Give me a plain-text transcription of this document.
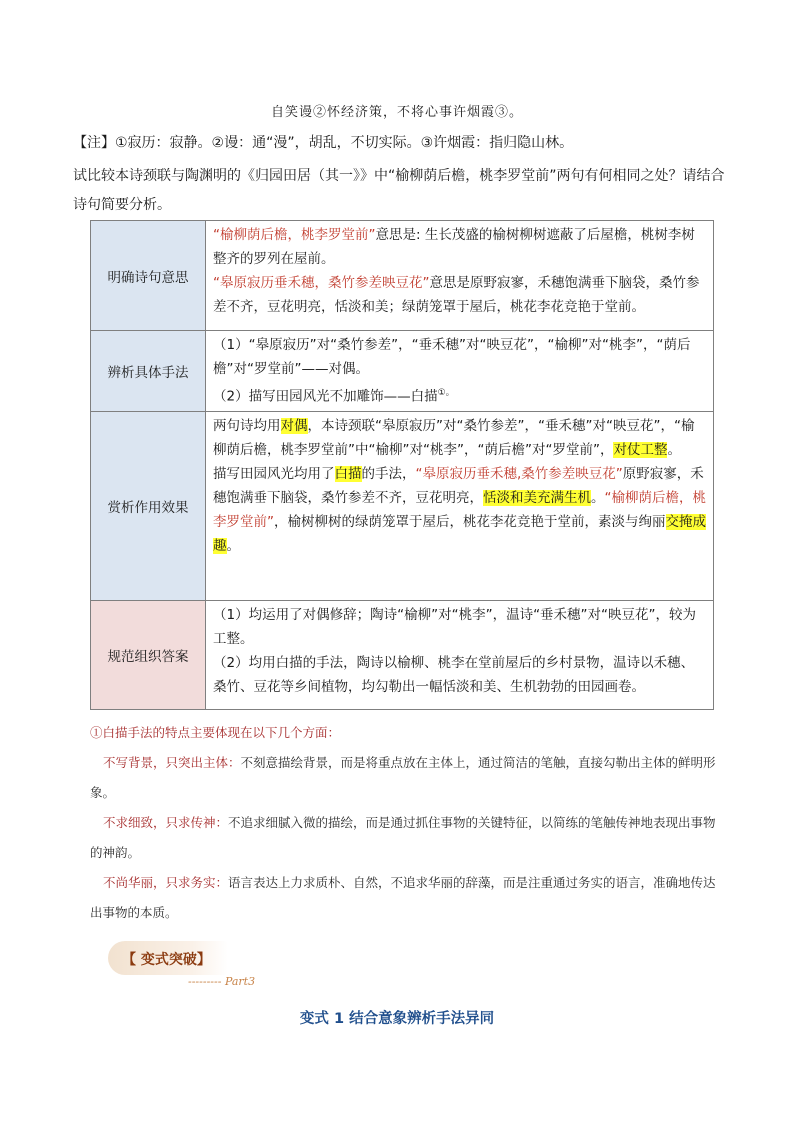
自笑谩②怀经济策，不将心事许烟霞③。
【注】①寂历：寂静。②谩：通“漫”，胡乱，不切实际。③许烟霞：指归隐山林。
试比较本诗颈联与陶渊明的《归园田居（其一》》中“榆柳荫后檐，桃李罗堂前”两句有何相同之处？请结合诗句简要分析。
明确诗句意思	“榆柳荫后檐，桃李罗堂前”意思是: 生长茂盛的榆树柳树遮蔽了后屋檐，桃树李树整齐的罗列在屋前。

“皋原寂历垂禾穗，桑竹参差映豆花”意思是原野寂寥，禾穗饱满垂下脑袋，桑竹参差不齐，豆花明亮，恬淡和美；绿荫笼罩于屋后，桃花李花竞艳于堂前。

辨析具体手法	（1）“皋原寂历”对“桑竹参差”，“垂禾穗”对“映豆花”，“榆柳”对“桃李”，“荫后檐”对“罗堂前”——对偶。

（2）描写田园风光不加雕饰——白描①。

赏析作用效果	两句诗均用对偶，本诗颈联“皋原寂历”对“桑竹参差”，“垂禾穗”对“映豆花”，“榆柳荫后檐，桃李罗堂前”中“榆柳”对“桃李”，“荫后檐”对“罗堂前”，对仗工整。

描写田园风光均用了白描的手法，“皋原寂历垂禾穗,桑竹参差映豆花”原野寂寥，禾穗饱满垂下脑袋，桑竹参差不齐，豆花明亮，恬淡和美充满生机。“榆柳荫后檐，桃李罗堂前”，榆树柳树的绿荫笼罩于屋后，桃花李花竞艳于堂前，素淡与绚丽交掩成趣。

规范组织答案	（1）均运用了对偶修辞；陶诗“榆柳”对“桃李”，温诗“垂禾穗”对“映豆花”，较为工整。

（2）均用白描的手法，陶诗以榆柳、桃李在堂前屋后的乡村景物，温诗以禾穗、桑竹、豆花等乡间植物，均勾勒出一幅恬淡和美、生机勃勃的田园画卷。

①白描手法的特点主要体现在以下几个方面：

不写背景，只突出主体：不刻意描绘背景，而是将重点放在主体上，通过简洁的笔触，直接勾勒出主体的鲜明形象。

不求细致，只求传神：不追求细腻入微的描绘，而是通过抓住事物的关键特征，以简练的笔触传神地表现出事物的神韵。

不尚华丽，只求务实：语言表达上力求质朴、自然，不追求华丽的辞藻，而是注重通过务实的语言，准确地传达出事物的本质。

【 变式突破】
--------- Part3
变式 1 结合意象辨析手法异同
